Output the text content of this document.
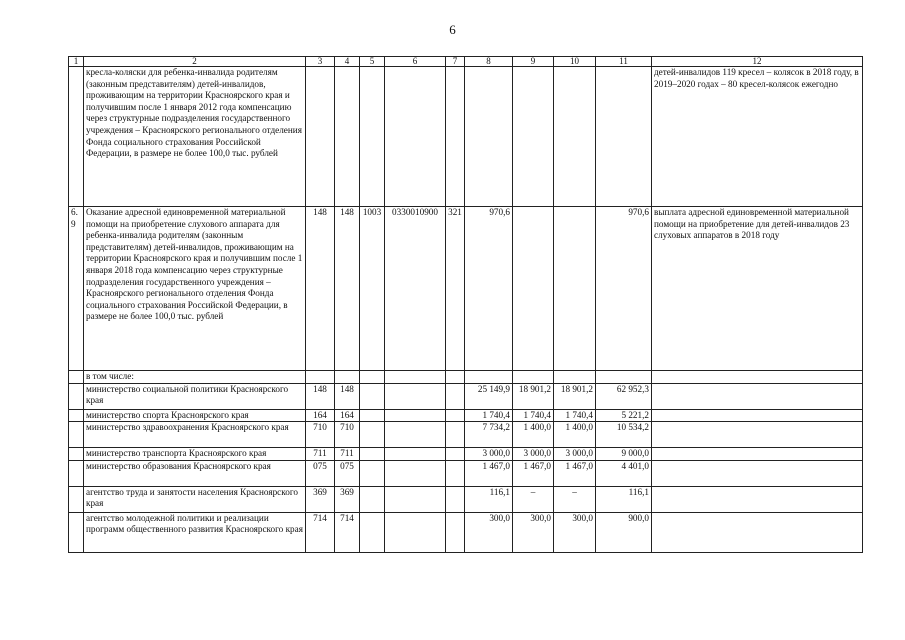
6
1	2	3	4	5	6	7	8	9	10	11	12
	кресла-коляски для ребенка-инвалида родителям (законным представителям) детей-инвалидов, проживающим на территории Красноярского края и получившим после 1 января 2012 года компенсацию через структурные подразделения государственного учреждения – Красноярского регионального отделения Фонда социального страхования Российской Федерации, в размере не более 100,0 тыс. рублей										детей-инвалидов 119 кресел – колясок в 2018 году, в 2019–2020 годах – 80 кресел-колясок ежегодно
6.9	Оказание адресной единовременной материальной помощи на приобретение слухового аппарата для ребенка-инвалида родителям (законным представителям) детей-инвалидов, проживающим на территории Красноярского края и получившим после 1 января 2018 года компенсацию через структурные подразделения государственного учреждения – Красноярского регионального отделения Фонда социального страхования Российской Федерации, в размере не более 100,0 тыс. рублей	148	148	1003	0330010900	321	970,6			970,6	выплата адресной единовременной материальной помощи на приобретение для детей-инвалидов 23 слуховых аппаратов в 2018 году
	в том числе:										
	министерство социальной политики Красноярского края	148	148				25 149,9	18 901,2	18 901,2	62 952,3	
	министерство спорта Красноярского края	164	164				1 740,4	1 740,4	1 740,4	5 221,2	
	министерство здравоохранения Красноярского края	710	710				7 734,2	1 400,0	1 400,0	10 534,2	
	министерство транспорта Красноярского края	711	711				3 000,0	3 000,0	3 000,0	9 000,0	
	министерство образования Красноярского края	075	075				1 467,0	1 467,0	1 467,0	4 401,0	
	агентство труда и занятости населения Красноярского края	369	369				116,1	–	–	116,1	
	агентство молодежной политики и реализации программ общественного развития Красноярского края	714	714				300,0	300,0	300,0	900,0	
